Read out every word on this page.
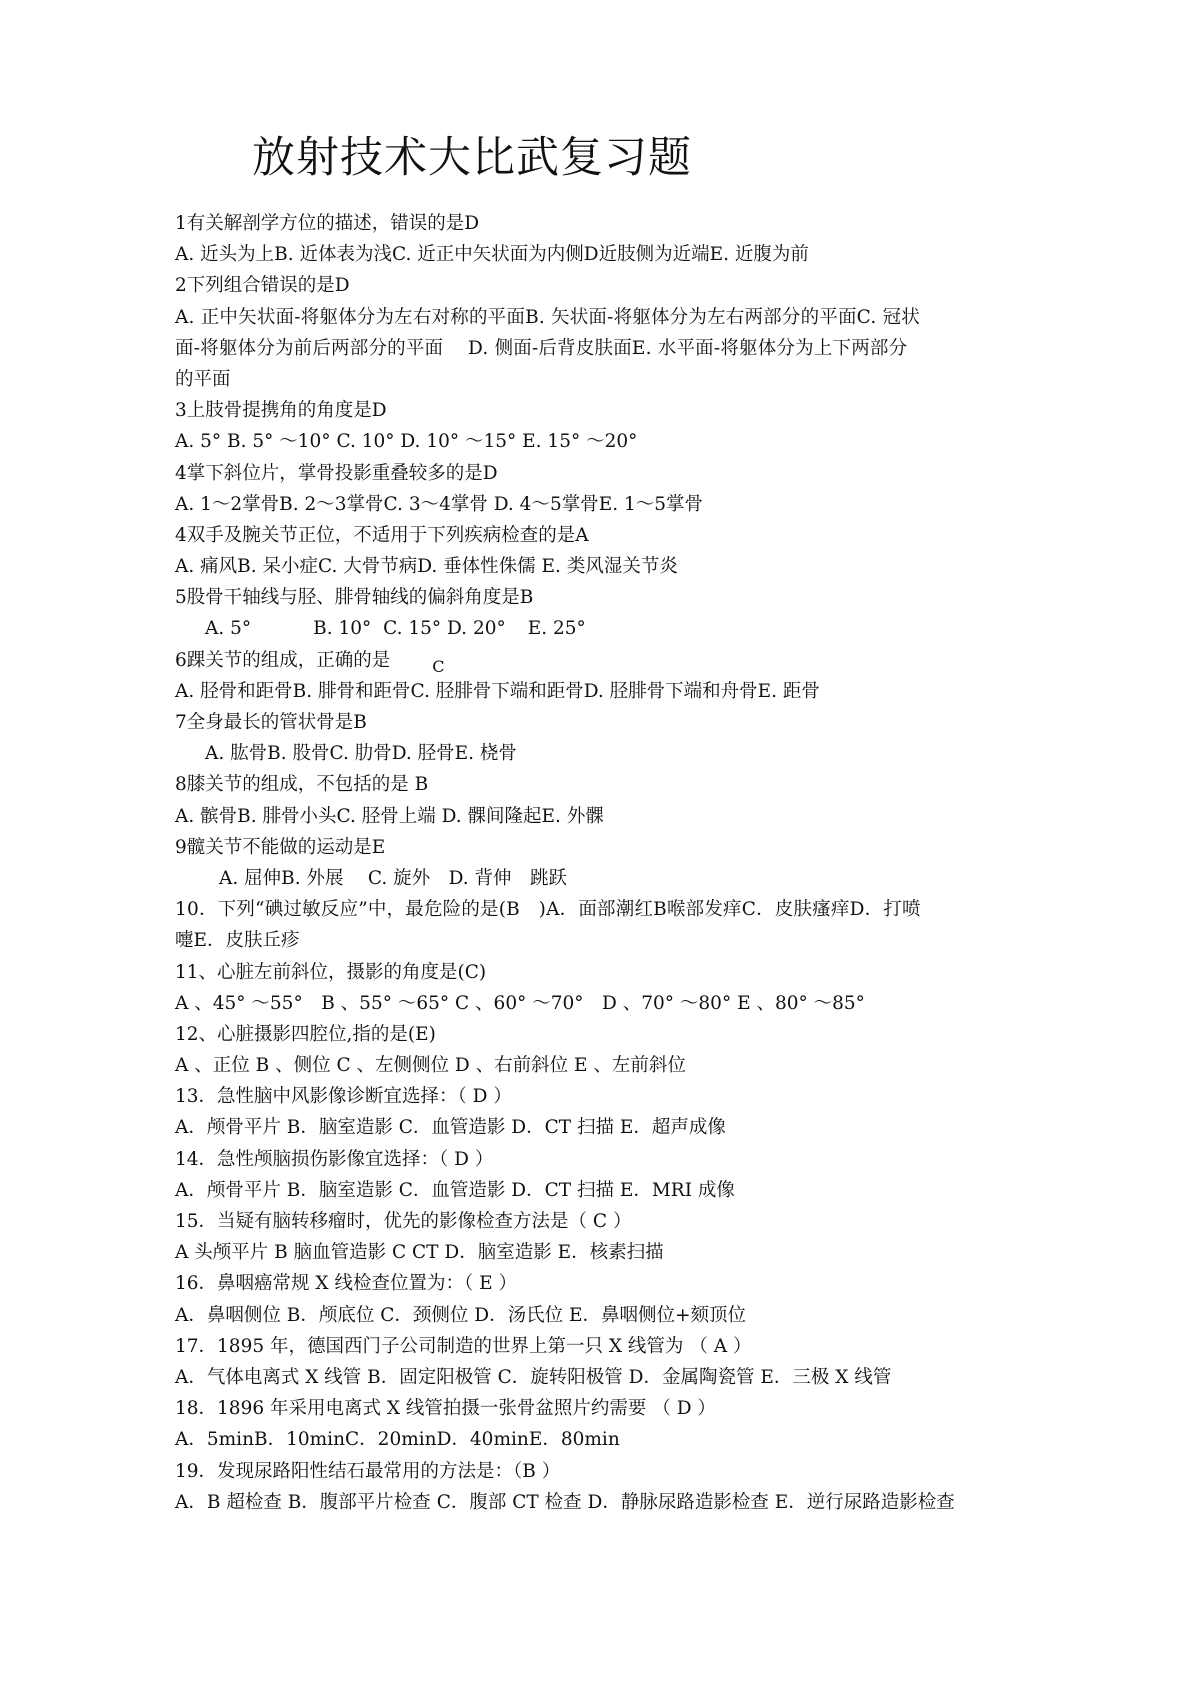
放射技术大比武复习题
1有关解剖学方位的描述，错误的是D
A. 近头为上B. 近体表为浅C. 近正中矢状面为内侧D近肢侧为近端E. 近腹为前
2下列组合错误的是D
A. 正中矢状面-将躯体分为左右对称的平面B. 矢状面-将躯体分为左右两部分的平面C. 冠状
面-将躯体分为前后两部分的平面　 D. 侧面-后背皮肤面E. 水平面-将躯体分为上下两部分
的平面
3上肢骨提携角的角度是D
A. 5° B. 5° ～10° C. 10° D. 10° ～15° E. 15° ～20°
4掌下斜位片，掌骨投影重叠较多的是D
A. 1～2掌骨B. 2～3掌骨C. 3～4掌骨 D. 4～5掌骨E. 1～5掌骨
4双手及腕关节正位，不适用于下列疾病检查的是A
A. 痛风B. 呆小症C. 大骨节病D. 垂体性侏儒 E. 类风湿关节炎
5股骨干轴线与胫、腓骨轴线的偏斜角度是B
A. 5°	B. 10° C. 15° D. 20° E. 25°
6踝关节的组成，正确的是	C
A. 胫骨和距骨B. 腓骨和距骨C. 胫腓骨下端和距骨D. 胫腓骨下端和舟骨E. 距骨
7全身最长的管状骨是B
A. 肱骨B. 股骨C. 肋骨D. 胫骨E. 桡骨
8膝关节的组成，不包括的是 B
A. 髌骨B. 腓骨小头C. 胫骨上端 D. 髁间隆起E. 外髁
9髋关节不能做的运动是E
A. 屈伸B. 外展　 C. 旋外　D. 背伸　跳跃
10．下列“碘过敏反应”中，最危险的是(B　)A．面部潮红B喉部发痒C．皮肤瘙痒D．打喷
嚏E．皮肤丘疹
11、心脏左前斜位，摄影的角度是(C)
A 、45° ～55°　B 、55° ～65° C 、60° ～70°　D 、70° ～80° E 、80° ～85°
12、心脏摄影四腔位,指的是(E)
A 、正位 B 、侧位 C 、左侧侧位 D 、右前斜位 E 、左前斜位
13．急性脑中风影像诊断宜选择：（ D ）
A．颅骨平片 B．脑室造影 C．血管造影 D．CT 扫描 E．超声成像
14．急性颅脑损伤影像宜选择：（ D ）
A．颅骨平片 B．脑室造影 C．血管造影 D．CT 扫描 E．MRI 成像
15．当疑有脑转移瘤时，优先的影像检查方法是（ C ）
A 头颅平片 B 脑血管造影 C CT D．脑室造影 E．核素扫描
16．鼻咽癌常规 X 线检查位置为：（ E ）
A．鼻咽侧位 B．颅底位 C．颈侧位 D．汤氏位 E．鼻咽侧位+颏顶位
17．1895 年，德国西门子公司制造的世界上第一只 X 线管为 （ A ）
A．气体电离式 X 线管 B．固定阳极管 C．旋转阳极管 D．金属陶瓷管 E．三极 X 线管
18．1896 年采用电离式 X 线管拍摄一张骨盆照片约需要 （ D ）
A．5minB．10minC．20minD．40minE．80min
19．发现尿路阳性结石最常用的方法是：（B ）
A．B 超检查 B．腹部平片检查 C．腹部 CT 检查 D．静脉尿路造影检查 E．逆行尿路造影检查
